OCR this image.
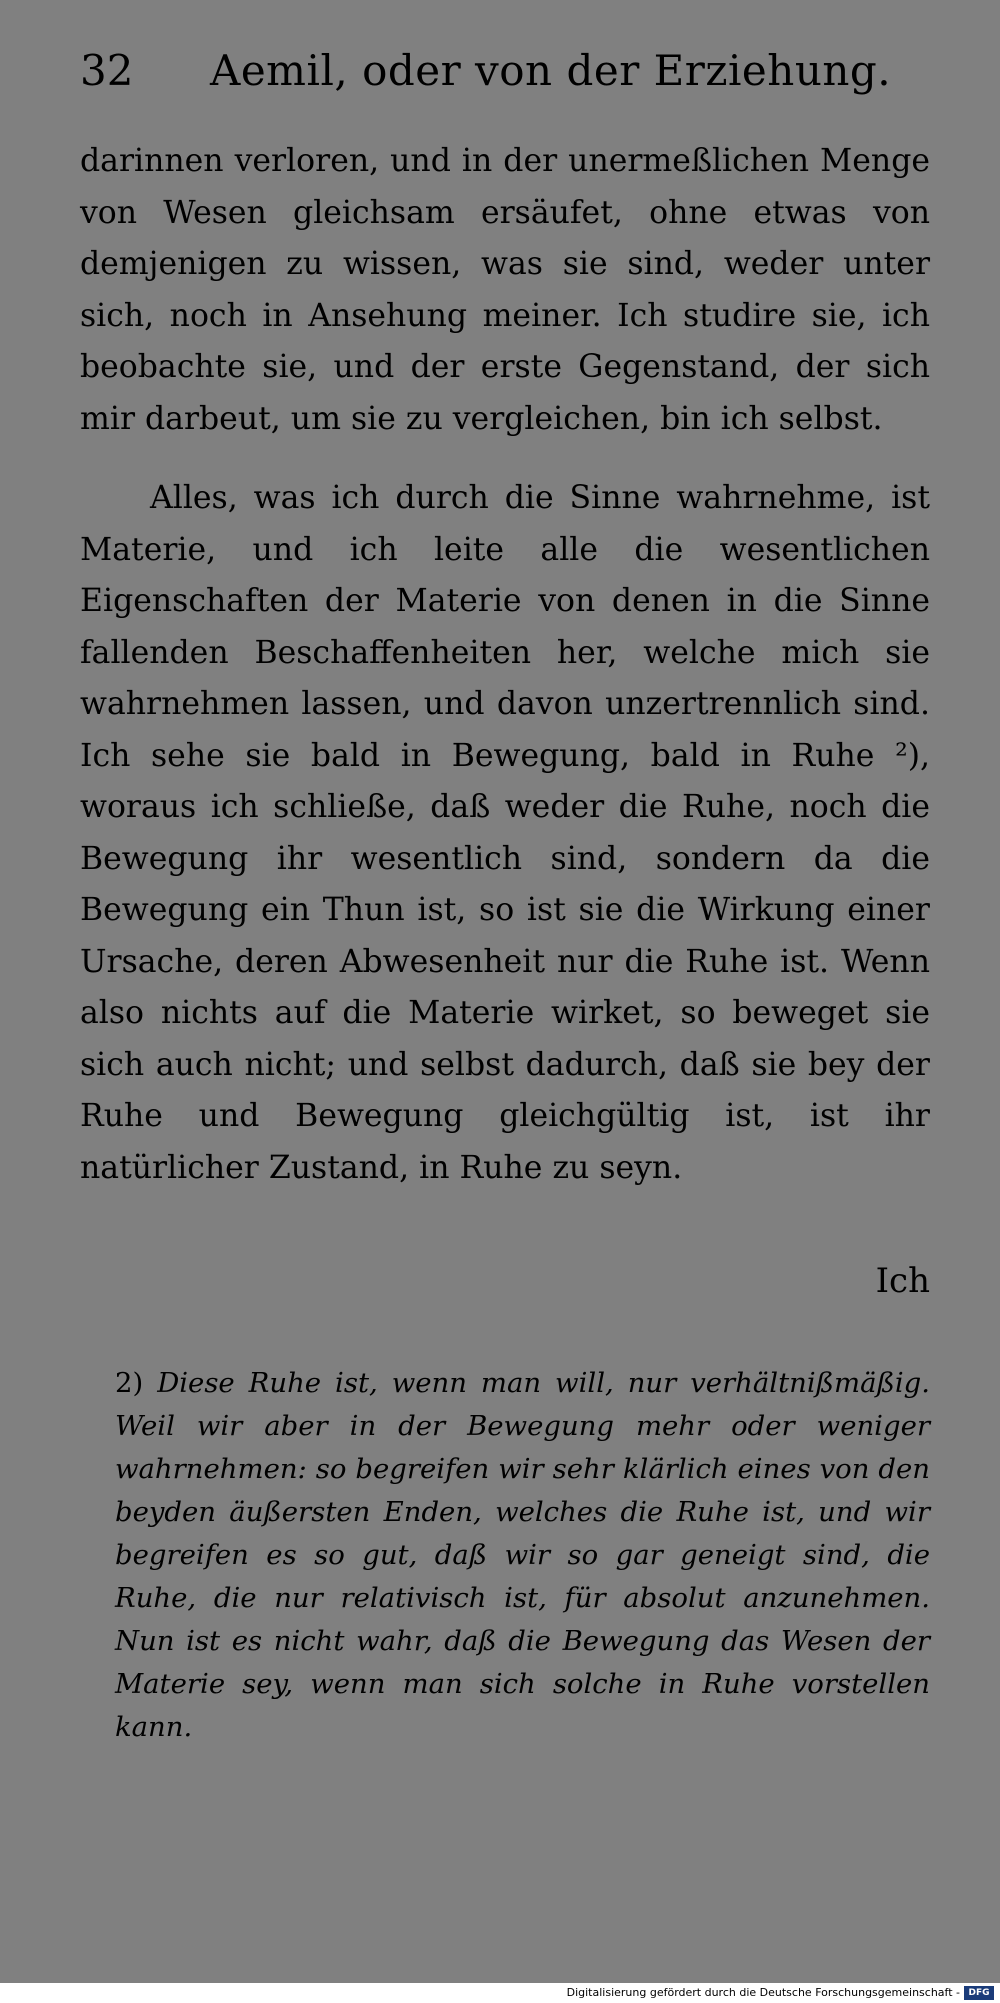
32 Aemil, oder von der Erziehung.

darinnen verloren, und in der unermeßlichen Menge von Wesen gleichsam ersäufet, ohne etwas von demjenigen zu wissen, was sie sind, weder unter sich, noch in Ansehung meiner. Ich studire sie, ich beobachte sie, und der erste Gegenstand, der sich mir darbeut, um sie zu vergleichen, bin ich selbst.

Alles, was ich durch die Sinne wahrnehme, ist Materie, und ich leite alle die wesentlichen Eigenschaften der Materie von denen in die Sinne fallenden Beschaffenheiten her, welche mich sie wahrnehmen lassen, und davon unzertrennlich sind. Ich sehe sie bald in Bewegung, bald in Ruhe ²), woraus ich schließe, daß weder die Ruhe, noch die Bewegung ihr wesentlich sind, sondern da die Bewegung ein Thun ist, so ist sie die Wirkung einer Ursache, deren Abwesenheit nur die Ruhe ist. Wenn also nichts auf die Materie wirket, so beweget sie sich auch nicht; und selbst dadurch, daß sie bey der Ruhe und Bewegung gleichgültig ist, ist ihr natürlicher Zustand, in Ruhe zu seyn.

Ich
2) Diese Ruhe ist, wenn man will, nur verhältnißmäßig. Weil wir aber in der Bewegung mehr oder weniger wahrnehmen: so begreifen wir sehr klärlich eines von den beyden äußersten Enden, welches die Ruhe ist, und wir begreifen es so gut, daß wir so gar geneigt sind, die Ruhe, die nur relativisch ist, für absolut anzunehmen. Nun ist es nicht wahr, daß die Bewegung das Wesen der Materie sey, wenn man sich solche in Ruhe vorstellen kann.
Digitalisierung gefördert durch die Deutsche Forschungsgemeinschaft - DFG
